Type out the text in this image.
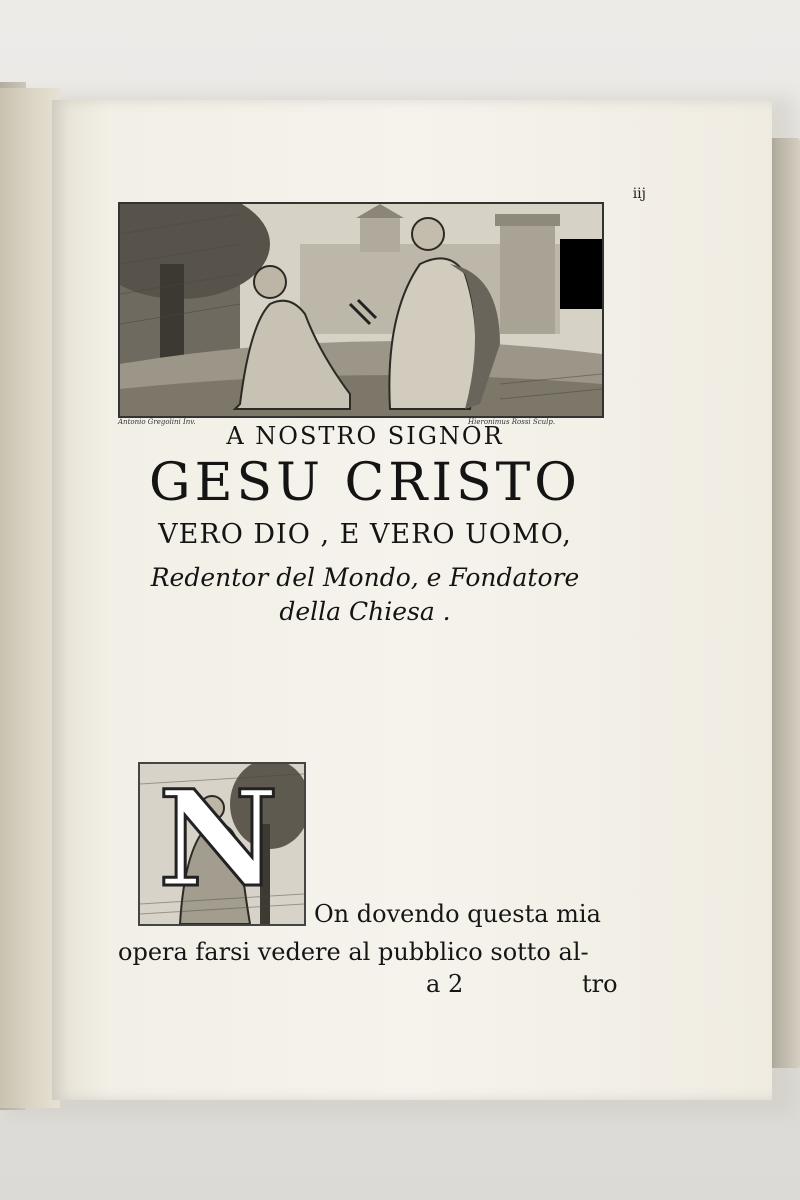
iij
Antonio Gregolini Inv.	Hieronimus Rossi Sculp.
A NOSTRO SIGNOR
GESU CRISTO
VERO DIO , E VERO UOMO,
Redentor del Mondo, e Fondatore
della Chiesa .
N On dovendo questa mia
opera farsi vedere al pubblico sotto al-
a 2	tro
